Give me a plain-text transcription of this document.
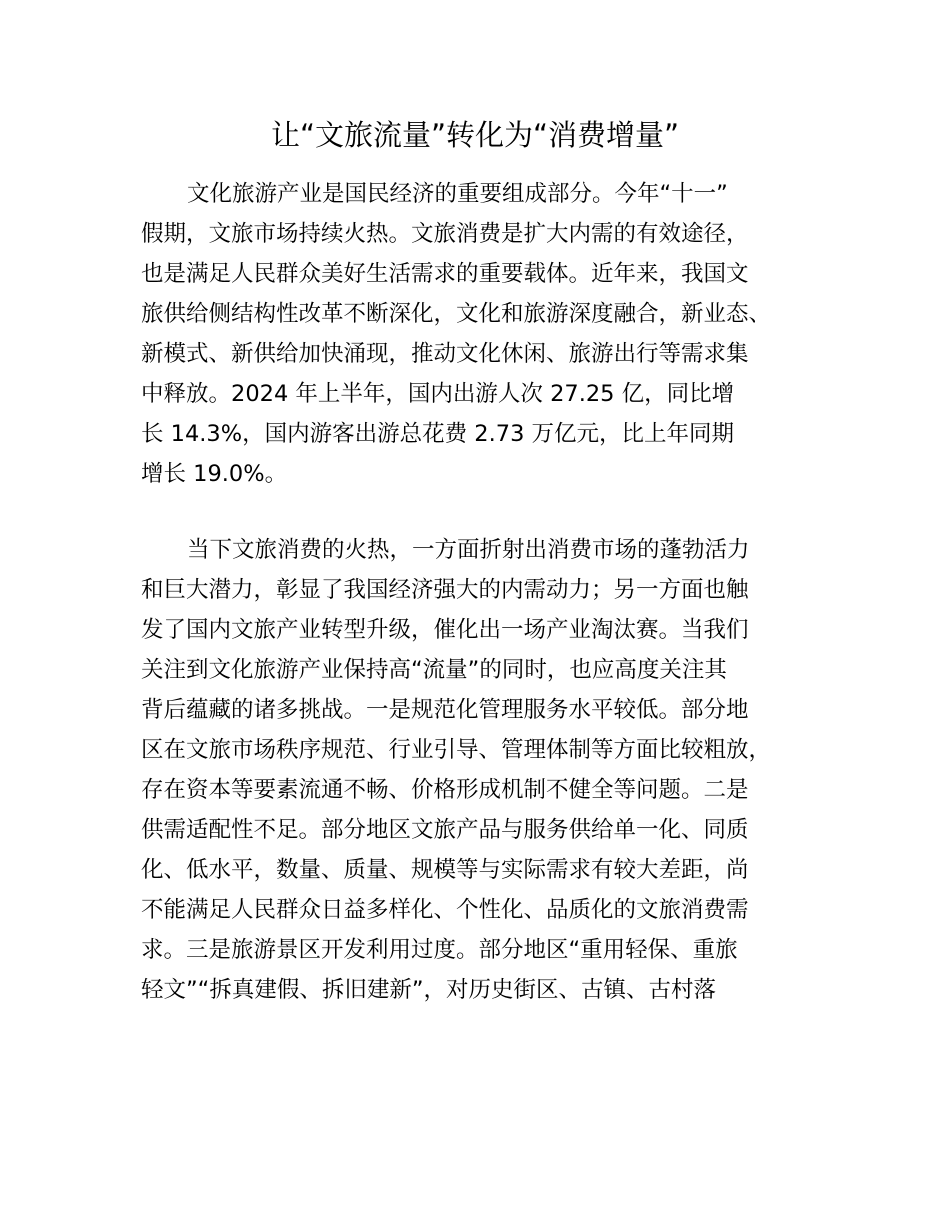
让“文旅流量”转化为“消费增量”
文化旅游产业是国民经济的重要组成部分。今年“十一”
假期，文旅市场持续火热。文旅消费是扩大内需的有效途径，
也是满足人民群众美好生活需求的重要载体。近年来，我国文
旅供给侧结构性改革不断深化，文化和旅游深度融合，新业态、
新模式、新供给加快涌现，推动文化休闲、旅游出行等需求集
中释放。2024 年上半年，国内出游人次 27.25 亿，同比增
长 14.3%，国内游客出游总花费 2.73 万亿元，比上年同期
增长 19.0%。
当下文旅消费的火热，一方面折射出消费市场的蓬勃活力
和巨大潜力，彰显了我国经济强大的内需动力；另一方面也触
发了国内文旅产业转型升级，催化出一场产业淘汰赛。当我们
关注到文化旅游产业保持高“流量”的同时，也应高度关注其
背后蕴藏的诸多挑战。一是规范化管理服务水平较低。部分地
区在文旅市场秩序规范、行业引导、管理体制等方面比较粗放，
存在资本等要素流通不畅、价格形成机制不健全等问题。二是
供需适配性不足。部分地区文旅产品与服务供给单一化、同质
化、低水平，数量、质量、规模等与实际需求有较大差距，尚
不能满足人民群众日益多样化、个性化、品质化的文旅消费需
求。三是旅游景区开发利用过度。部分地区“重用轻保、重旅
轻文”“拆真建假、拆旧建新”，对历史街区、古镇、古村落
